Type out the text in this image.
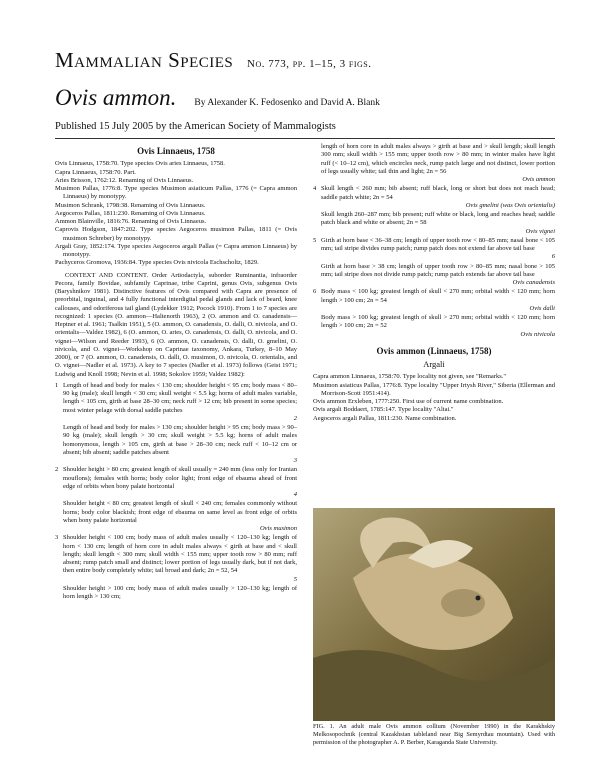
Mammalian Species No. 773, pp. 1–15, 3 figs.
Ovis ammon. By Alexander K. Fedosenko and David A. Blank
Published 15 July 2005 by the American Society of Mammalogists
Ovis Linnaeus, 1758

Ovis Linnaeus, 1758:70. Type species Ovis aries Linnaeus, 1758.

Capra Linnaeus, 1758:70. Part.

Aries Brisson, 1762:12. Renaming of Ovis Linnaeus.

Musimon Pallas, 1776:8. Type species Musimon asiaticum Pallas, 1776 (= Capra ammon Linnaeus) by monotypy.

Musimon Schrank, 1798:38. Renaming of Ovis Linnaeus.

Aegoceros Pallas, 1811:230. Renaming of Ovis Linnaeus.

Ammon Blainville, 1816:76. Renaming of Ovis Linnaeus.

Caprovis Hodgson, 1847:202. Type species Aegoceros musimon Pallas, 1811 (= Ovis musimon Schreber) by monotypy.

Argali Gray, 1852:174. Type species Aegoceros argali Pallas (= Capra ammon Linnaeus) by monotypy.

Pachyceros Gromova, 1936:84. Type species Ovis nivicola Eschscholtz, 1829.

CONTEXT AND CONTENT. Order Artiodactyla, suborder Ruminantia, infraorder Pecora, family Bovidae, subfamily Caprinae, tribe Caprini, genus Ovis, subgenus Ovis (Baryshnikov 1981). Distinctive features of Ovis compared with Capra are presence of preorbital, inguinal, and 4 fully functional interdigital pedal glands and lack of beard, knee callouses, and odoriferous tail gland (Lydekker 1912; Pocock 1910). From 1 to 7 species are recognized: 1 species (O. ammon—Haltenorth 1963), 2 (O. ammon and O. canadensis—Heptner et al. 1961; Tsalkin 1951), 5 (O. ammon, O. canadensis, O. dalli, O. nivicola, and O. orientalis—Valdez 1982), 6 (O. ammon, O. aries, O. canadensis, O. dalli, O. nivicola, and O. vignei—Wilson and Reeder 1993), 6 (O. ammon, O. canadensis, O. dalli, O. gmelini, O. nivicola, and O. vignei—Workshop on Caprinae taxonomy, Ankara, Turkey, 8–10 May 2000), or 7 (O. ammon, O. canadensis, O. dalli, O. musimon, O. nivicola, O. orientalis, and O. vignei—Nadler et al. 1973). A key to 7 species (Nadler et al. 1973) follows (Geist 1971; Ludwig and Knoll 1998; Nevin et al. 1998; Sokolov 1959; Valdez 1982):

1 Length of head and body for males < 130 cm; shoulder height < 95 cm; body mass < 80–90 kg (male); skull length < 30 cm; skull weight < 5.5 kg; horns of adult males variable, length < 105 cm, girth at base 28–30 cm; neck ruff > 12 cm; bib present in some species; most winter pelage with dorsal saddle patches
2
Length of head and body for males > 130 cm; shoulder height > 95 cm; body mass > 90–90 kg (male); skull length > 30 cm; skull weight > 5.5 kg; horns of adult males homonymous, length > 105 cm, girth at base > 28–30 cm; neck ruff < 10–12 cm or absent; bib absent; saddle patches absent
3
2 Shoulder height > 80 cm; greatest length of skull usually = 240 mm (less only for Iranian mouflons); females with horns; body color light; front edge of ebauma ahead of front edge of orbits when bony palate horizontal
4
Shoulder height < 80 cm; greatest length of skull < 240 cm; females commonly without horns; body color blackish; front edge of ebauma on same level as front edge of orbits when bony palate horizontal
Ovis musimon
3 Shoulder height < 100 cm; body mass of adult males usually < 120–130 kg; length of horn < 130 cm; length of horn core in adult males always < girth at base and < skull length; skull length < 300 mm; skull width < 155 mm; upper tooth row > 80 mm; ruff absent; rump patch small and distinct; lower portion of legs usually dark, but if not dark, then entire body completely white; tail broad and dark; 2n = 52, 54
5
Shoulder height > 100 cm; body mass of adult males usually > 120–130 kg; length of horn length > 130 cm;
length of horn core in adult males always > girth at base and > skull length; skull length 300 mm; skull width > 155 mm; upper tooth row > 80 mm; in winter males have light ruff (< 10–12 cm), which encircles neck, rump patch large and not distinct, lower portion of legs usually white; tail thin and light; 2n = 56
Ovis ammon
4 Skull length < 260 mm; bib absent; ruff black, long or short but does not reach head; saddle patch white; 2n = 54
Ovis gmelini (was Ovis orientalis)
Skull length 260–287 mm; bib present; ruff white or black, long and reaches head; saddle patch black and white or absent; 2n = 58
Ovis vignei
5 Girth at horn base < 36–38 cm; length of upper tooth row < 80–85 mm; nasal bone < 105 mm; tail stripe divides rump patch; rump patch does not extend far above tail base
6
Girth at horn base > 38 cm; length of upper tooth row > 80–85 mm; nasal bone > 105 mm; tail stripe does not divide rump patch; rump patch extends far above tail base
Ovis canadensis
6 Body mass < 100 kg; greatest length of skull < 270 mm; orbital width < 120 mm; horn length > 100 cm; 2n = 54
Ovis dalli
Body mass > 100 kg; greatest length of skull > 270 mm; orbital width < 120 mm; horn length > 100 cm; 2n = 52
Ovis nivicola
Ovis ammon (Linnaeus, 1758)
Argali

Capra ammon Linnaeus, 1758:70. Type locality not given, see "Remarks."

Musimon asiaticus Pallas, 1776:8. Type locality "Upper Irtysh River," Siberia (Ellerman and Morrison-Scott 1951:414).

Ovis ammon Erxleben, 1777:250. First use of current name combination.

Ovis argali Boddaert, 1785:147. Type locality "Altai."

Aegoceros argali Pallas, 1811:230. Name combination.

FIG. 1. An adult male Ovis ammon collium (November 1990) in the Karakhskiy Melkosopochnik (central Kazakhstan tableland near Big Semyrdtau mountain). Used with permission of the photographer A. P. Berber, Karaganda State University.
